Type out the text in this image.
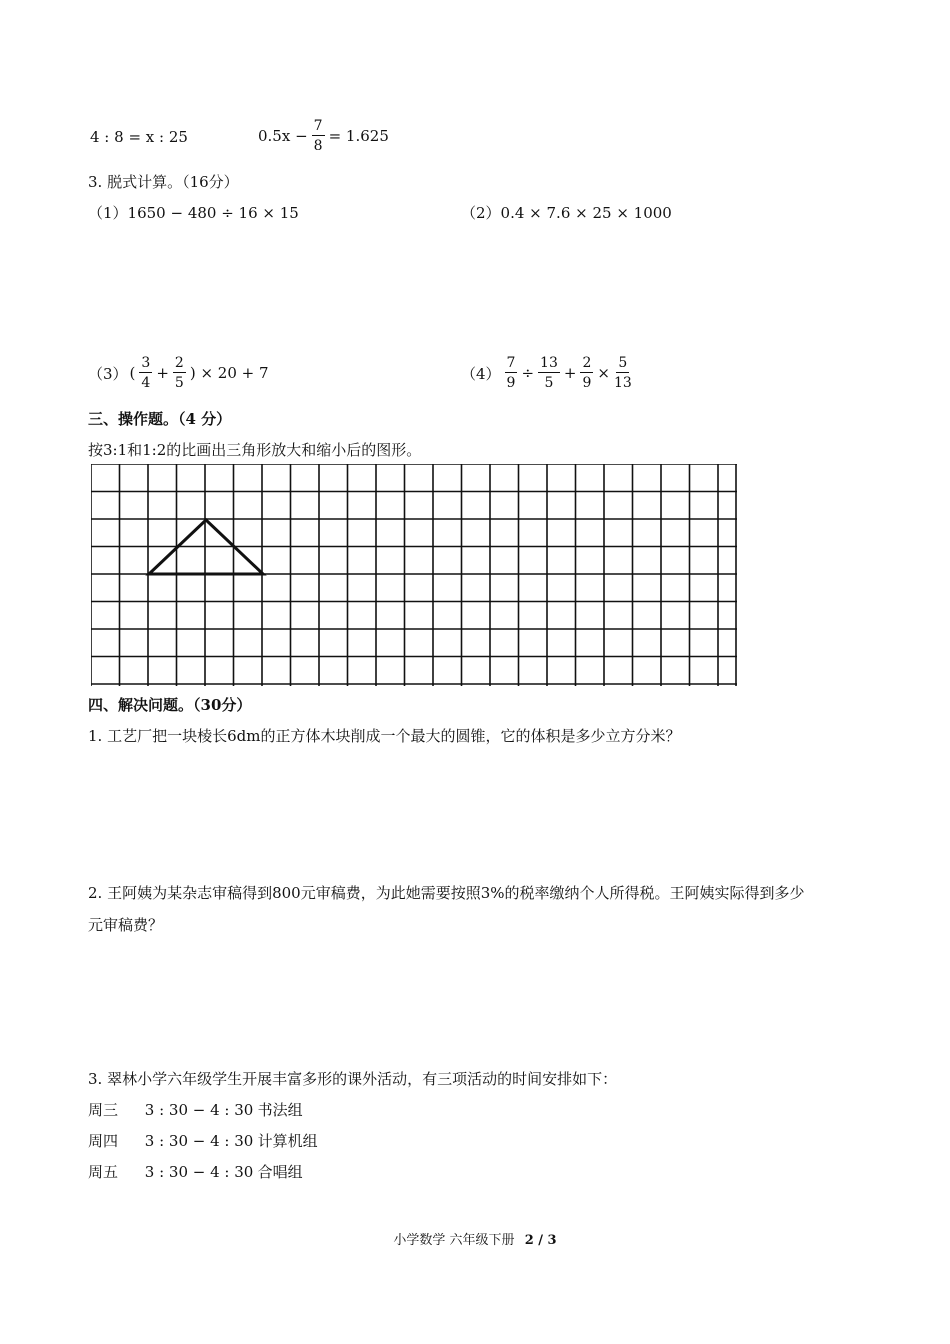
4 : 8 = x : 25	$0.5x - \frac{7}{8} = 1.625$
3. 脱式计算。（16分）
（1）1650 − 480 ÷ 16 × 15	（2）0.4 × 7.6 × 25 × 1000
（3） ( $\frac{3}{4} + \frac{2}{5}$ ) × 20 + 7	$(4) \frac{7}{9} \div \frac{13}{5} + \frac{2}{9} \times \frac{5}{13}$
三、操作题。（4 分）
按3:1和1:2的比画出三角形放大和缩小后的图形。
四、解决问题。（30分）
1. 工艺厂把一块棱长6dm的正方体木块削成一个最大的圆锥，它的体积是多少立方分米？
2. 王阿姨为某杂志审稿得到800元审稿费，为此她需要按照3%的税率缴纳个人所得税。王阿姨实际得到多少
元审稿费？
3. 翠林小学六年级学生开展丰富多形的课外活动，有三项活动的时间安排如下：
周三 3 : 30 − 4 : 30 书法组
周四 3 : 30 − 4 : 30 计算机组
周五 3 : 30 − 4 : 30 合唱组
小学数学 六年级下册 2 / 3
